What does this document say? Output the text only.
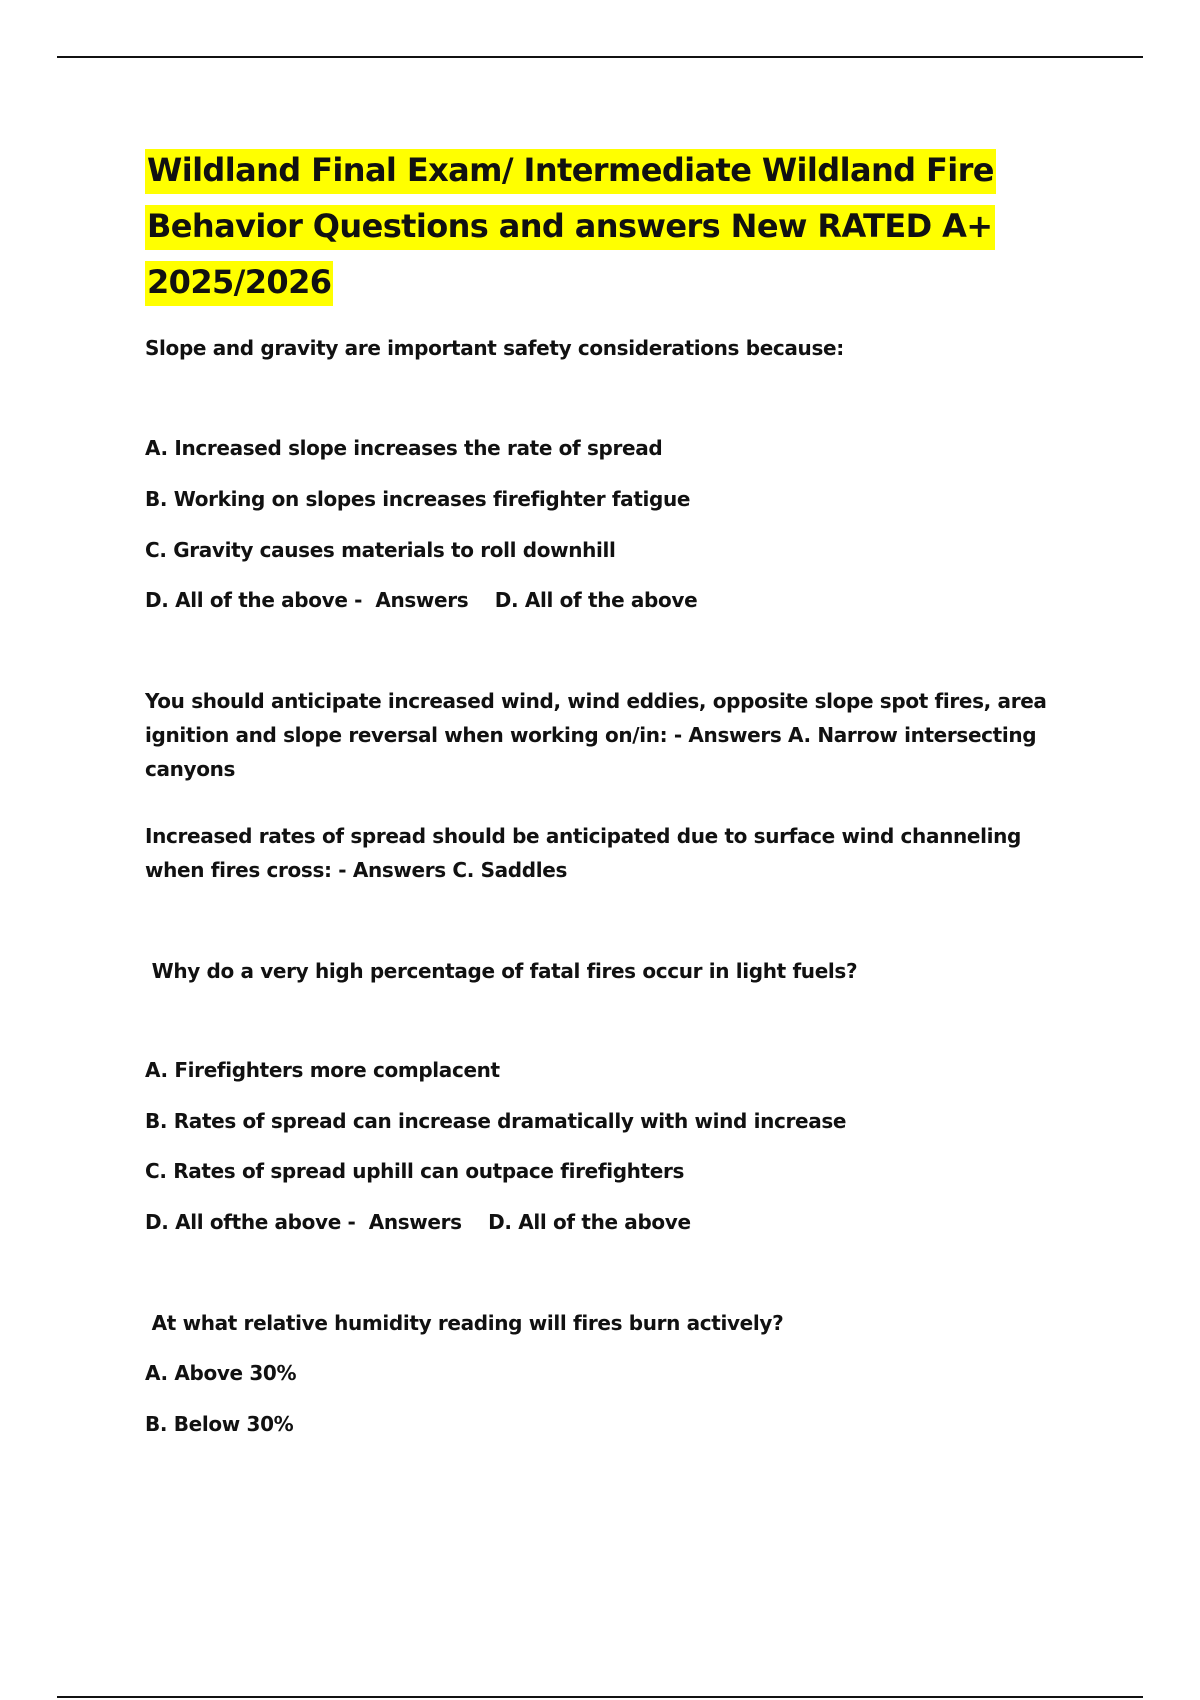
Wildland Final Exam/ Intermediate Wildland Fire Behavior Questions and answers New RATED A+ 2025/2026

Slope and gravity are important safety considerations because:

A. Increased slope increases the rate of spread

B. Working on slopes increases firefighter fatigue

C. Gravity causes materials to roll downhill

D. All of the above -  Answers    D. All of the above

You should anticipate increased wind, wind eddies, opposite slope spot fires, area ignition and slope reversal when working on/in: - Answers A. Narrow intersecting canyons

Increased rates of spread should be anticipated due to surface wind channeling when fires cross: - Answers C. Saddles

Why do a very high percentage of fatal fires occur in light fuels?

A. Firefighters more complacent

B. Rates of spread can increase dramatically with wind increase

C. Rates of spread uphill can outpace firefighters

D. All ofthe above -  Answers    D. All of the above

At what relative humidity reading will fires burn actively?

A. Above 30%

B. Below 30%
